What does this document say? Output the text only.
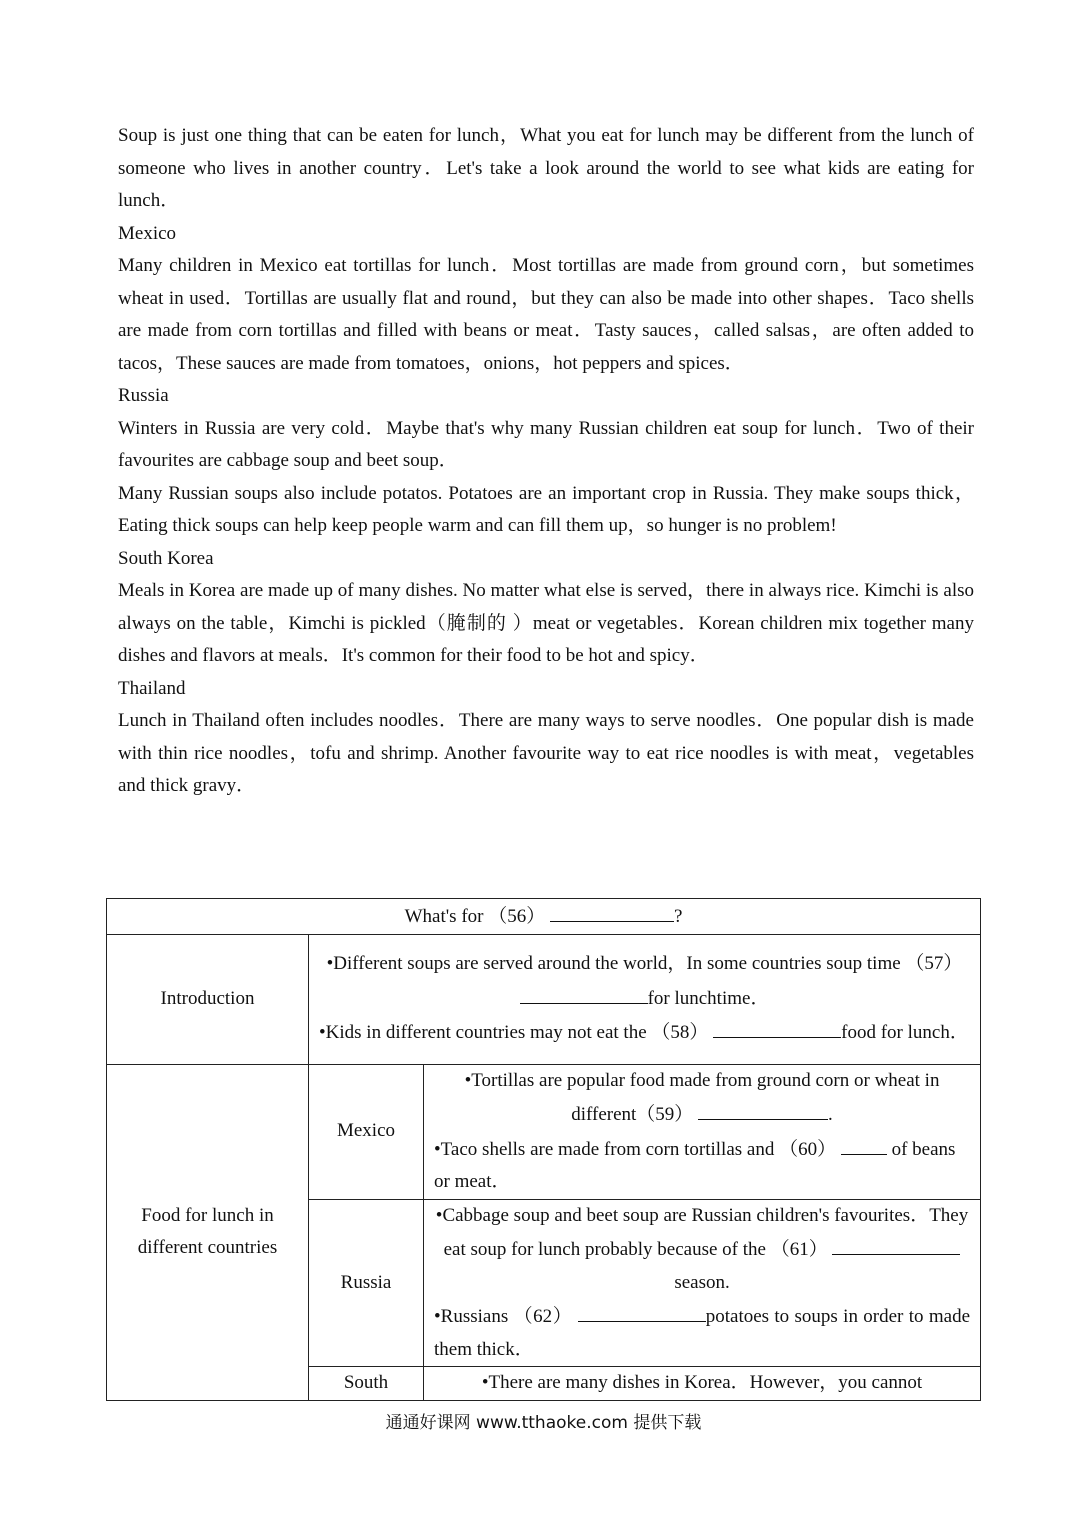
Soup is just one thing that can be eaten for lunch，What you eat for lunch may be different from the lunch of someone who lives in another country．Let's take a look around the world to see what kids are eating for lunch．

Mexico

Many children in Mexico eat tortillas for lunch．Most tortillas are made from ground corn，but sometimes wheat in used．Tortillas are usually flat and round，but they can also be made into other shapes．Taco shells are made from corn tortillas and filled with beans or meat．Tasty sauces，called salsas，are often added to tacos，These sauces are made from tomatoes，onions，hot peppers and spices．

Russia

Winters in Russia are very cold．Maybe that's why many Russian children eat soup for lunch．Two of their favourites are cabbage soup and beet soup．

Many Russian soups also include potatos. Potatoes are an important crop in Russia. They make soups thick，Eating thick soups can help keep people warm and can fill them up，so hunger is no problem!

South Korea

Meals in Korea are made up of many dishes. No matter what else is served，there in always rice. Kimchi is also always on the table，Kimchi is pickled（腌制的 ）meat or vegetables．Korean children mix together many dishes and flavors at meals．It's common for their food to be hot and spicy．

Thailand

Lunch in Thailand often includes noodles．There are many ways to serve noodles．One popular dish is made with thin rice noodles，tofu and shrimp. Another favourite way to eat rice noodles is with meat，vegetables and thick gravy．

What's for （56） ?		
Introduction	•Different soups are served around the world，In some countries soup time （57） for lunchtime．
•Kids in different countries may not eat the （58） food for lunch．	

Food for lunch in different countries	Mexico	•Tortillas are popular food made from ground corn or wheat in different（59） .
•Taco shells are made from corn tortillas and （60） of beans or meat．

	Russia	•Cabbage soup and beet soup are Russian children's favourites．They eat soup for lunch probably because of the （61） season.
•Russians （62） potatoes to soups in order to made them thick．

	South	•There are many dishes in Korea．However，you cannot
通通好课网 www.tthaoke.com 提供下载
